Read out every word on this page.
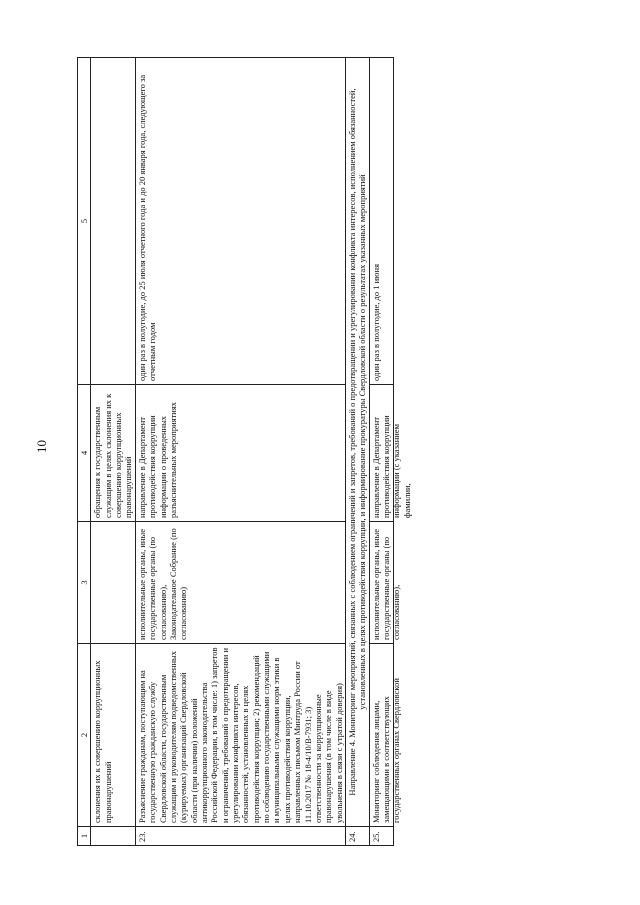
10
1	2	3	4	5
	склонения их к совершению коррупционных правонарушений		обращения к государственным служащим в целях склонения их к совершению коррупционных правонарушений	
23.	Разъяснение гражданам, поступающим на государственную гражданскую службу Свердловской области, государственным служащим и руководителям подведомственных (курируемых) организаций Свердловской области (при наличии) положений антикоррупционного законодательства Российской Федерации, в том числе: 1) запретов и ограничений, требований о предотвращении и урегулировании конфликта интересов, обязанностей, установленных в целях противодействия коррупции; 2) рекомендаций по соблюдению государственными служащими и муниципальными служащими норм этики в целях противодействия коррупции, направленных письмом Минтруда России от 11.10.2017 № 18-4/10/В-7931; 3) ответственности за коррупционные правонарушения (в том числе в виде увольнения в связи с утратой доверия)	исполнительные органы, иные государственные органы (по согласованию), Законодательное Собрание (по согласованию)	направление в Департамент противодействия коррупции информации о проведенных разъяснительных мероприятиях	один раз в полугодие, до 25 июля отчетного года и до 20 января года, следующего за отчетным годом
24.	Направление 4. Мониторинг мероприятий, связанных с соблюдением ограничений и запретов, требований о предотвращении и урегулировании конфликта интересов, исполнением обязанностей, установленных в целях противодействия коррупции, и информирование прокуратуры Свердловской области о результатах указанных мероприятий			
25.	Мониторинг соблюдения лицами, замещающими в соответствующих государственных органах Свердловской	исполнительные органы, иные государственные органы (по согласованию),	направление в Департамент противодействия коррупции информации (с указанием фамилии,	один раз в полугодие, до 1 июня
